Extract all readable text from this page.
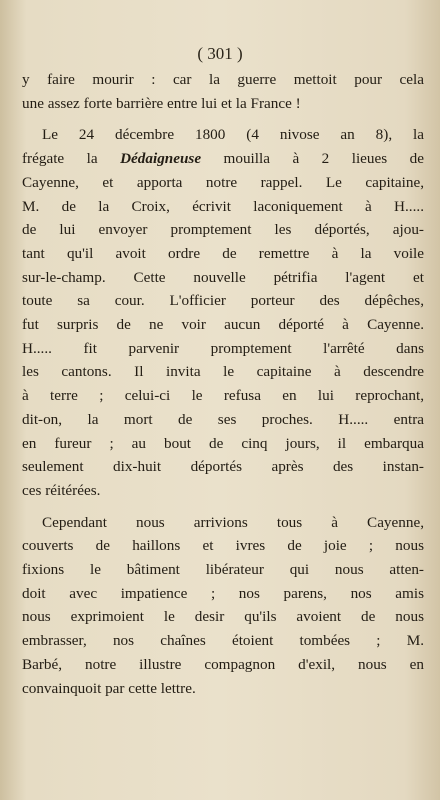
( 301 )
y faire mourir : car la guerre mettoit pour cela
une assez forte barrière entre lui et la France !
Le 24 décembre 1800 (4 nivose an 8), la
frégate la Dédaigneuse mouilla à 2 lieues de
Cayenne, et apporta notre rappel. Le capitaine,
M. de la Croix, écrivit laconiquement à H.....
de lui envoyer promptement les déportés, ajou-
tant qu'il avoit ordre de remettre à la voile
sur-le-champ. Cette nouvelle pétrifia l'agent et
toute sa cour. L'officier porteur des dépêches,
fut surpris de ne voir aucun déporté à Cayenne.
H..... fit parvenir promptement l'arrêté dans
les cantons. Il invita le capitaine à descendre
à terre ; celui-ci le refusa en lui reprochant,
dit-on, la mort de ses proches. H..... entra
en fureur ; au bout de cinq jours, il embarqua
seulement dix-huit déportés après des instan-
ces réitérées.
Cependant nous arrivions tous à Cayenne,
couverts de haillons et ivres de joie ; nous
fixions le bâtiment libérateur qui nous atten-
doit avec impatience ; nos parens, nos amis
nous exprimoient le desir qu'ils avoient de nous
embrasser, nos chaînes étoient tombées ; M.
Barbé, notre illustre compagnon d'exil, nous en
convainquoit par cette lettre.
